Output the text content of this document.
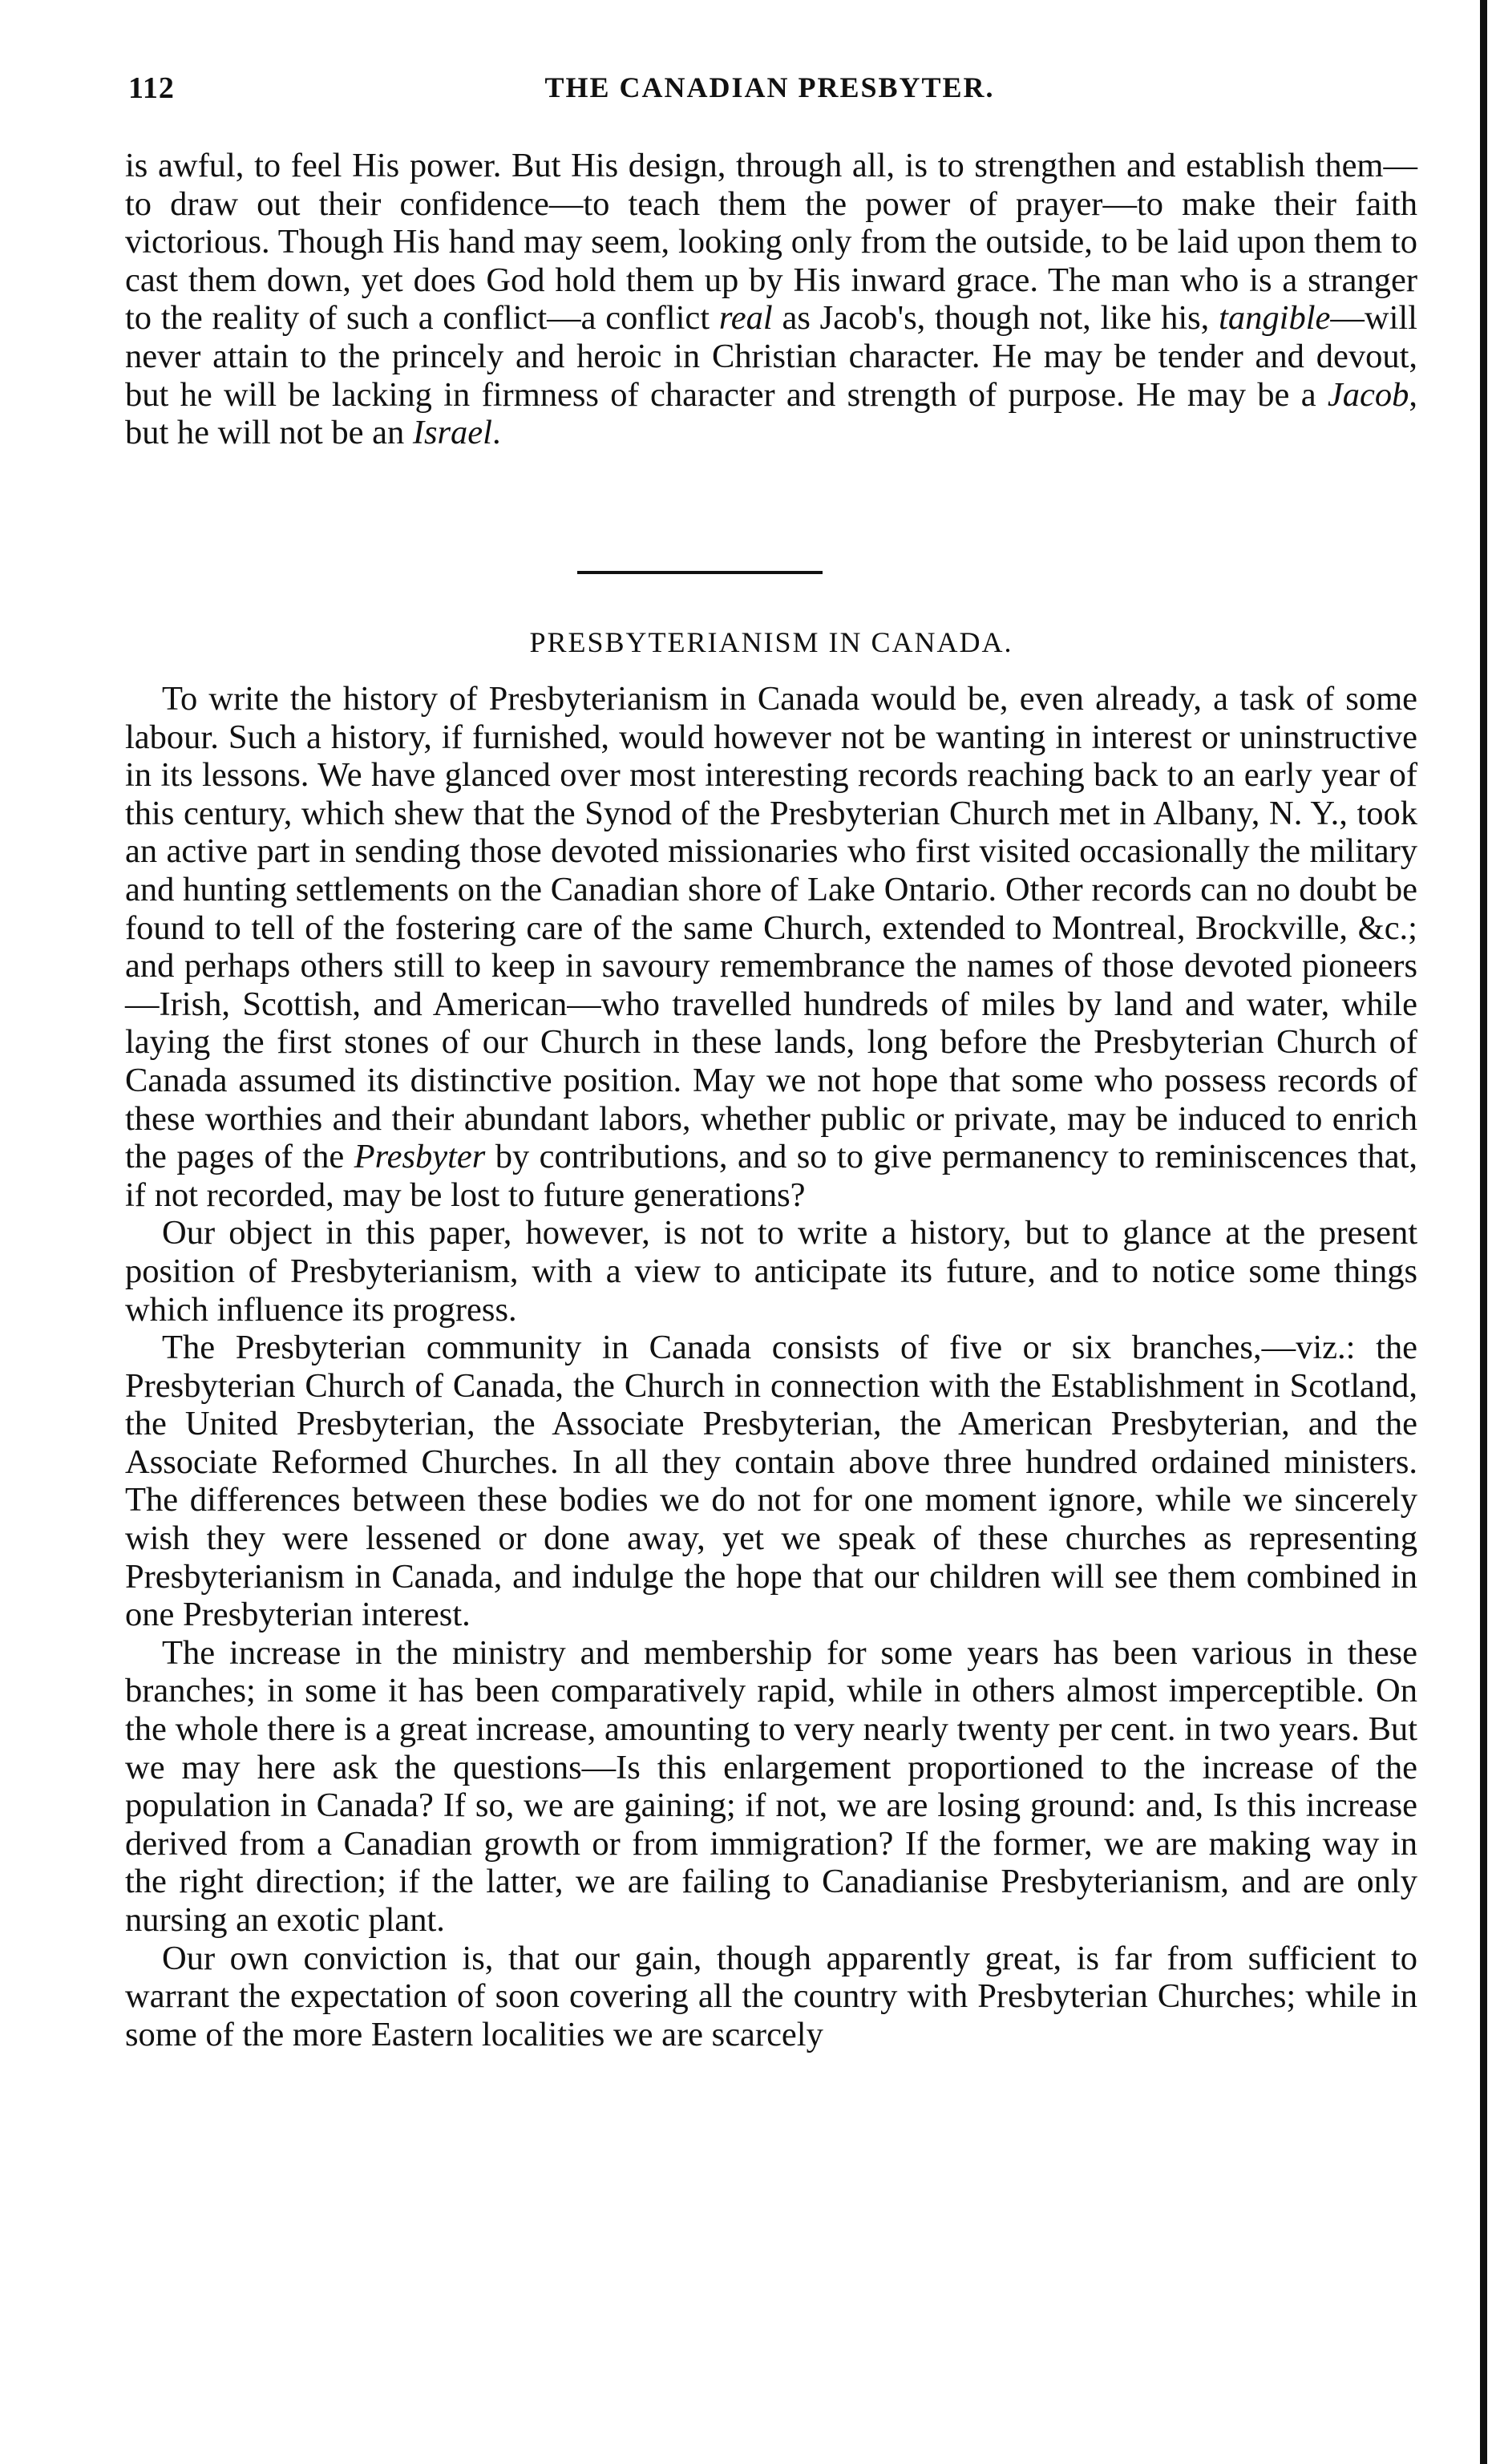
112	THE CANADIAN PRESBYTER.

is awful, to feel His power. But His design, through all, is to strengthen and establish them—to draw out their confidence—to teach them the power of prayer—to make their faith victorious. Though His hand may seem, looking only from the outside, to be laid upon them to cast them down, yet does God hold them up by His inward grace. The man who is a stranger to the reality of such a conflict—a conflict real as Jacob's, though not, like his, tangible—will never attain to the princely and heroic in Christian character. He may be tender and devout, but he will be lacking in firmness of character and strength of purpose. He may be a Jacob, but he will not be an Israel.

PRESBYTERIANISM IN CANADA.

To write the history of Presbyterianism in Canada would be, even already, a task of some labour. Such a history, if furnished, would however not be wanting in interest or uninstructive in its lessons. We have glanced over most interesting records reaching back to an early year of this century, which shew that the Synod of the Presbyterian Church met in Albany, N. Y., took an active part in sending those devoted missionaries who first visited occasionally the military and hunting settlements on the Canadian shore of Lake Ontario. Other records can no doubt be found to tell of the fostering care of the same Church, extended to Montreal, Brockville, &c.; and perhaps others still to keep in savoury remembrance the names of those devoted pioneers—Irish, Scottish, and American—who travelled hundreds of miles by land and water, while laying the first stones of our Church in these lands, long before the Presbyterian Church of Canada assumed its distinctive position. May we not hope that some who possess records of these worthies and their abundant labors, whether public or private, may be induced to enrich the pages of the Presbyter by contributions, and so to give permanency to reminiscences that, if not recorded, may be lost to future generations?

Our object in this paper, however, is not to write a history, but to glance at the present position of Presbyterianism, with a view to anticipate its future, and to notice some things which influence its progress.

The Presbyterian community in Canada consists of five or six branches,—viz.: the Presbyterian Church of Canada, the Church in connection with the Establishment in Scotland, the United Presbyterian, the Associate Presbyterian, the American Presbyterian, and the Associate Reformed Churches. In all they contain above three hundred ordained ministers. The differences between these bodies we do not for one moment ignore, while we sincerely wish they were lessened or done away, yet we speak of these churches as representing Presbyterianism in Canada, and indulge the hope that our children will see them combined in one Presbyterian interest.

The increase in the ministry and membership for some years has been various in these branches; in some it has been comparatively rapid, while in others almost imperceptible. On the whole there is a great increase, amounting to very nearly twenty per cent. in two years. But we may here ask the questions—Is this enlargement proportioned to the increase of the population in Canada? If so, we are gaining; if not, we are losing ground: and, Is this increase derived from a Canadian growth or from immigration? If the former, we are making way in the right direction; if the latter, we are failing to Canadianise Presbyterianism, and are only nursing an exotic plant.

Our own conviction is, that our gain, though apparently great, is far from sufficient to warrant the expectation of soon covering all the country with Presbyterian Churches; while in some of the more Eastern localities we are scarcely
